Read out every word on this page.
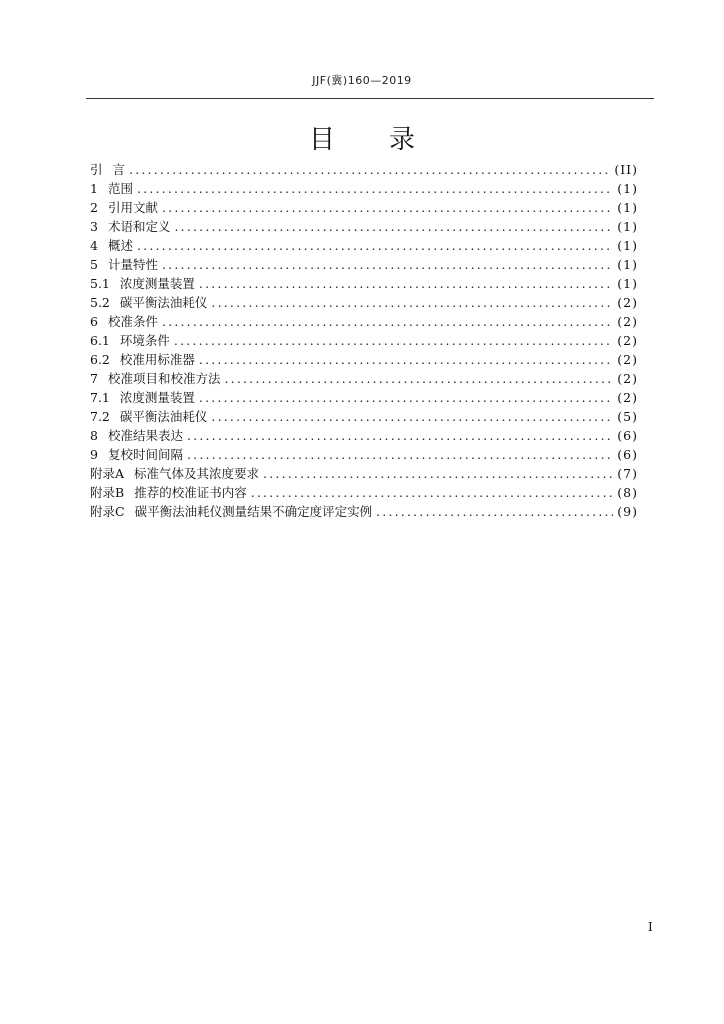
JJF(冀)160—2019
目录
引 言 .....	(II)
1 范围 .....	(1)
2 引用文献 .....	(1)
3 术语和定义 .....	(1)
4 概述 .....	(1)
5 计量特性 .....	(1)
5.1 浓度测量装置 .....	(1)
5.2 碳平衡法油耗仪 .....	(2)
6 校准条件 .....	(2)
6.1 环境条件 .....	(2)
6.2 校准用标准器 .....	(2)
7 校准项目和校准方法 .....	(2)
7.1 浓度测量装置 .....	(2)
7.2 碳平衡法油耗仪 .....	(5)
8 校准结果表达 .....	(6)
9 复校时间间隔 .....	(6)
附录A 标准气体及其浓度要求 .....	(7)
附录B 推荐的校准证书内容 .....	(8)
附录C 碳平衡法油耗仪测量结果不确定度评定实例 .....	(9)
I
